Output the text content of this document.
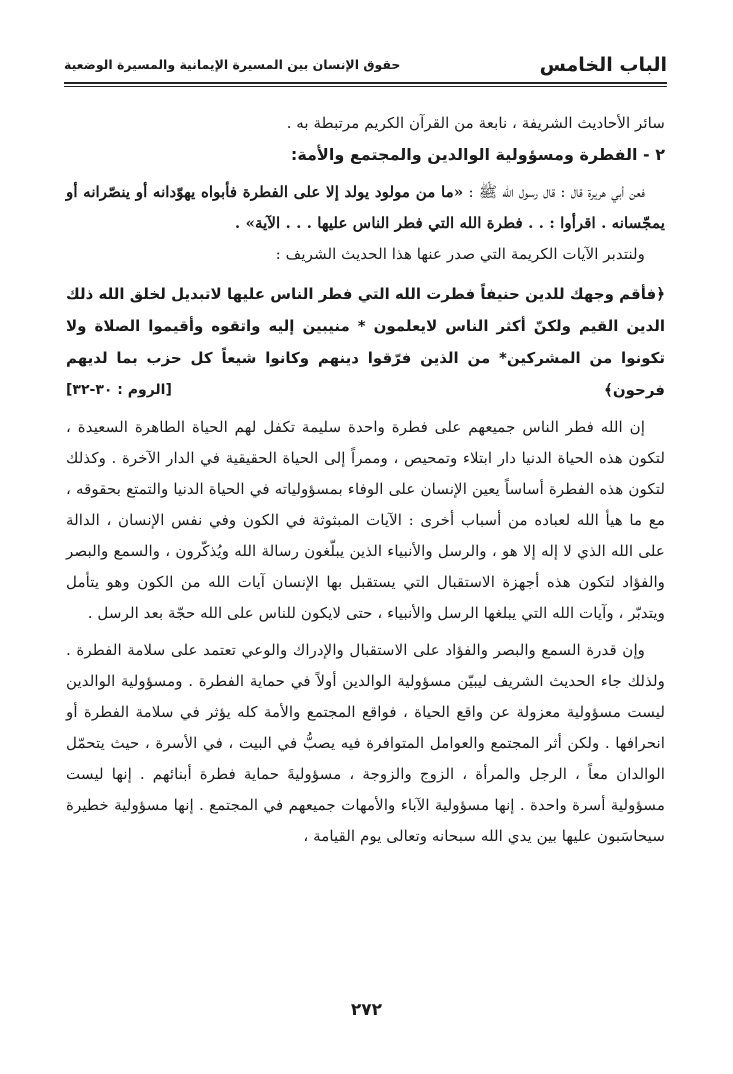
الباب الخامس
حقوق الإنسان بين المسيرة الإيمانية والمسيرة الوضعية

سائر الأحاديث الشريفة ، نابعة من القرآن الكريم مرتبطة به .

٢ - الفطرة ومسؤولية الوالدين والمجتمع والأمة:

فعن أبي هريرة قال : قال رسول الله ﷺ : «ما من مولود يولد إلا على الفطرة فأبواه يهوّدانه أو ينصّرانه أو يمجّسانه . اقرأوا : . . فطرة الله التي فطر الناس عليها . . . الآية» .

ولنتدبر الآيات الكريمة التي صدر عنها هذا الحديث الشريف :

﴿فأقم وجهك للدين حنيفاً فطرت الله التي فطر الناس عليها لاتبديل لخلق الله ذلك الدين القيم ولكنّ أكثر الناس لايعلمون * منيبين إليه واتقوه وأقيموا الصلاة ولا تكونوا من المشركين* من الذين فرّقوا دينهم وكانوا شيعاً كل حزب بما لديهم فرحون﴾
[الروم : ٣٠-٣٢]

إن الله فطر الناس جميعهم على فطرة واحدة سليمة تكفل لهم الحياة الطاهرة السعيدة ، لتكون هذه الحياة الدنيا دار ابتلاء وتمحيص ، وممراً إلى الحياة الحقيقية في الدار الآخرة . وكذلك لتكون هذه الفطرة أساساً يعين الإنسان على الوفاء بمسؤولياته في الحياة الدنيا والتمتع بحقوقه ، مع ما هيأ الله لعباده من أسباب أخرى : الآيات المبثوثة في الكون وفي نفس الإنسان ، الدالة على الله الذي لا إله إلا هو ، والرسل والأنبياء الذين يبلّغون رسالة الله ويُذكّرون ، والسمع والبصر والفؤاد لتكون هذه أجهزة الاستقبال التي يستقبل بها الإنسان آيات الله من الكون وهو يتأمل ويتدبّر ، وآيات الله التي يبلغها الرسل والأنبياء ، حتى لايكون للناس على الله حجّة بعد الرسل .

وإن قدرة السمع والبصر والفؤاد على الاستقبال والإدراك والوعي تعتمد على سلامة الفطرة . ولذلك جاء الحديث الشريف ليبيّن مسؤولية الوالدين أولاً في حماية الفطرة . ومسؤولية الوالدين ليست مسؤولية معزولة عن واقع الحياة ، فواقع المجتمع والأمة كله يؤثر في سلامة الفطرة أو انحرافها . ولكن أثر المجتمع والعوامل المتوافرة فيه يصبُّ في البيت ، في الأسرة ، حيث يتحمّل الوالدان معاً ، الرجل والمرأة ، الزوج والزوجة ، مسؤوليةَ حماية فطرة أبنائهم . إنها ليست مسؤولية أسرة واحدة . إنها مسؤولية الآباء والأمهات جميعهم في المجتمع . إنها مسؤولية خطيرة سيحاسَبون عليها بين يدي الله سبحانه وتعالى يوم القيامة ،

٢٧٢
